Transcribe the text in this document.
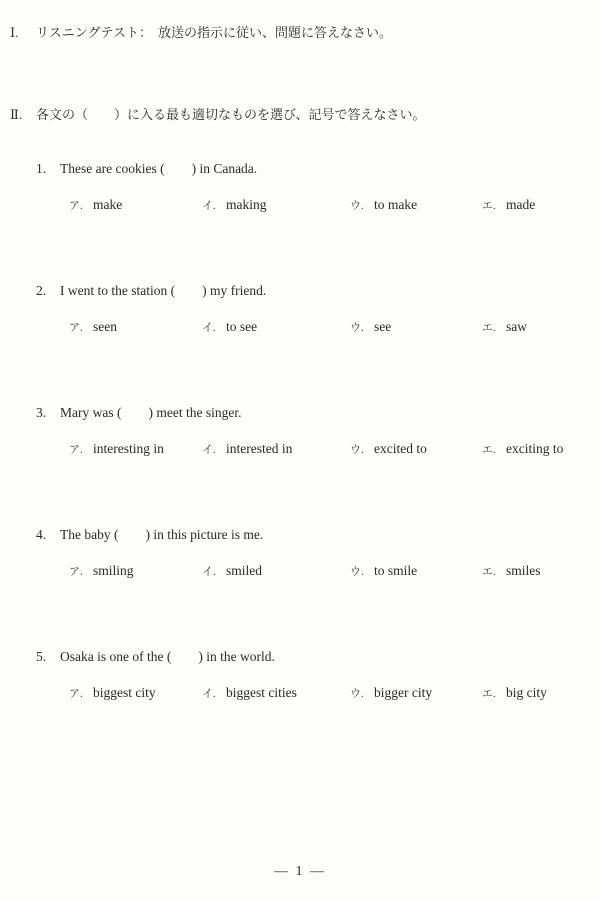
Ⅰ. リスニングテスト： 放送の指示に従い、問題に答えなさい。
Ⅱ. 各文の（　　）に入る最も適切なものを選び、記号で答えなさい。
1. These are cookies (　　) in Canada.
ア. make	イ. making	ウ. to make	エ. made
2. I went to the station (　　) my friend.
ア. seen	イ. to see	ウ. see	エ. saw
3. Mary was (　　) meet the singer.
ア. interesting in	イ. interested in	ウ. excited to	エ. exciting to
4. The baby (　　) in this picture is me.
ア. smiling	イ. smiled	ウ. to smile	エ. smiles
5. Osaka is one of the (　　) in the world.
ア. biggest city	イ. biggest cities	ウ. bigger city	エ. big city
— 1 —
